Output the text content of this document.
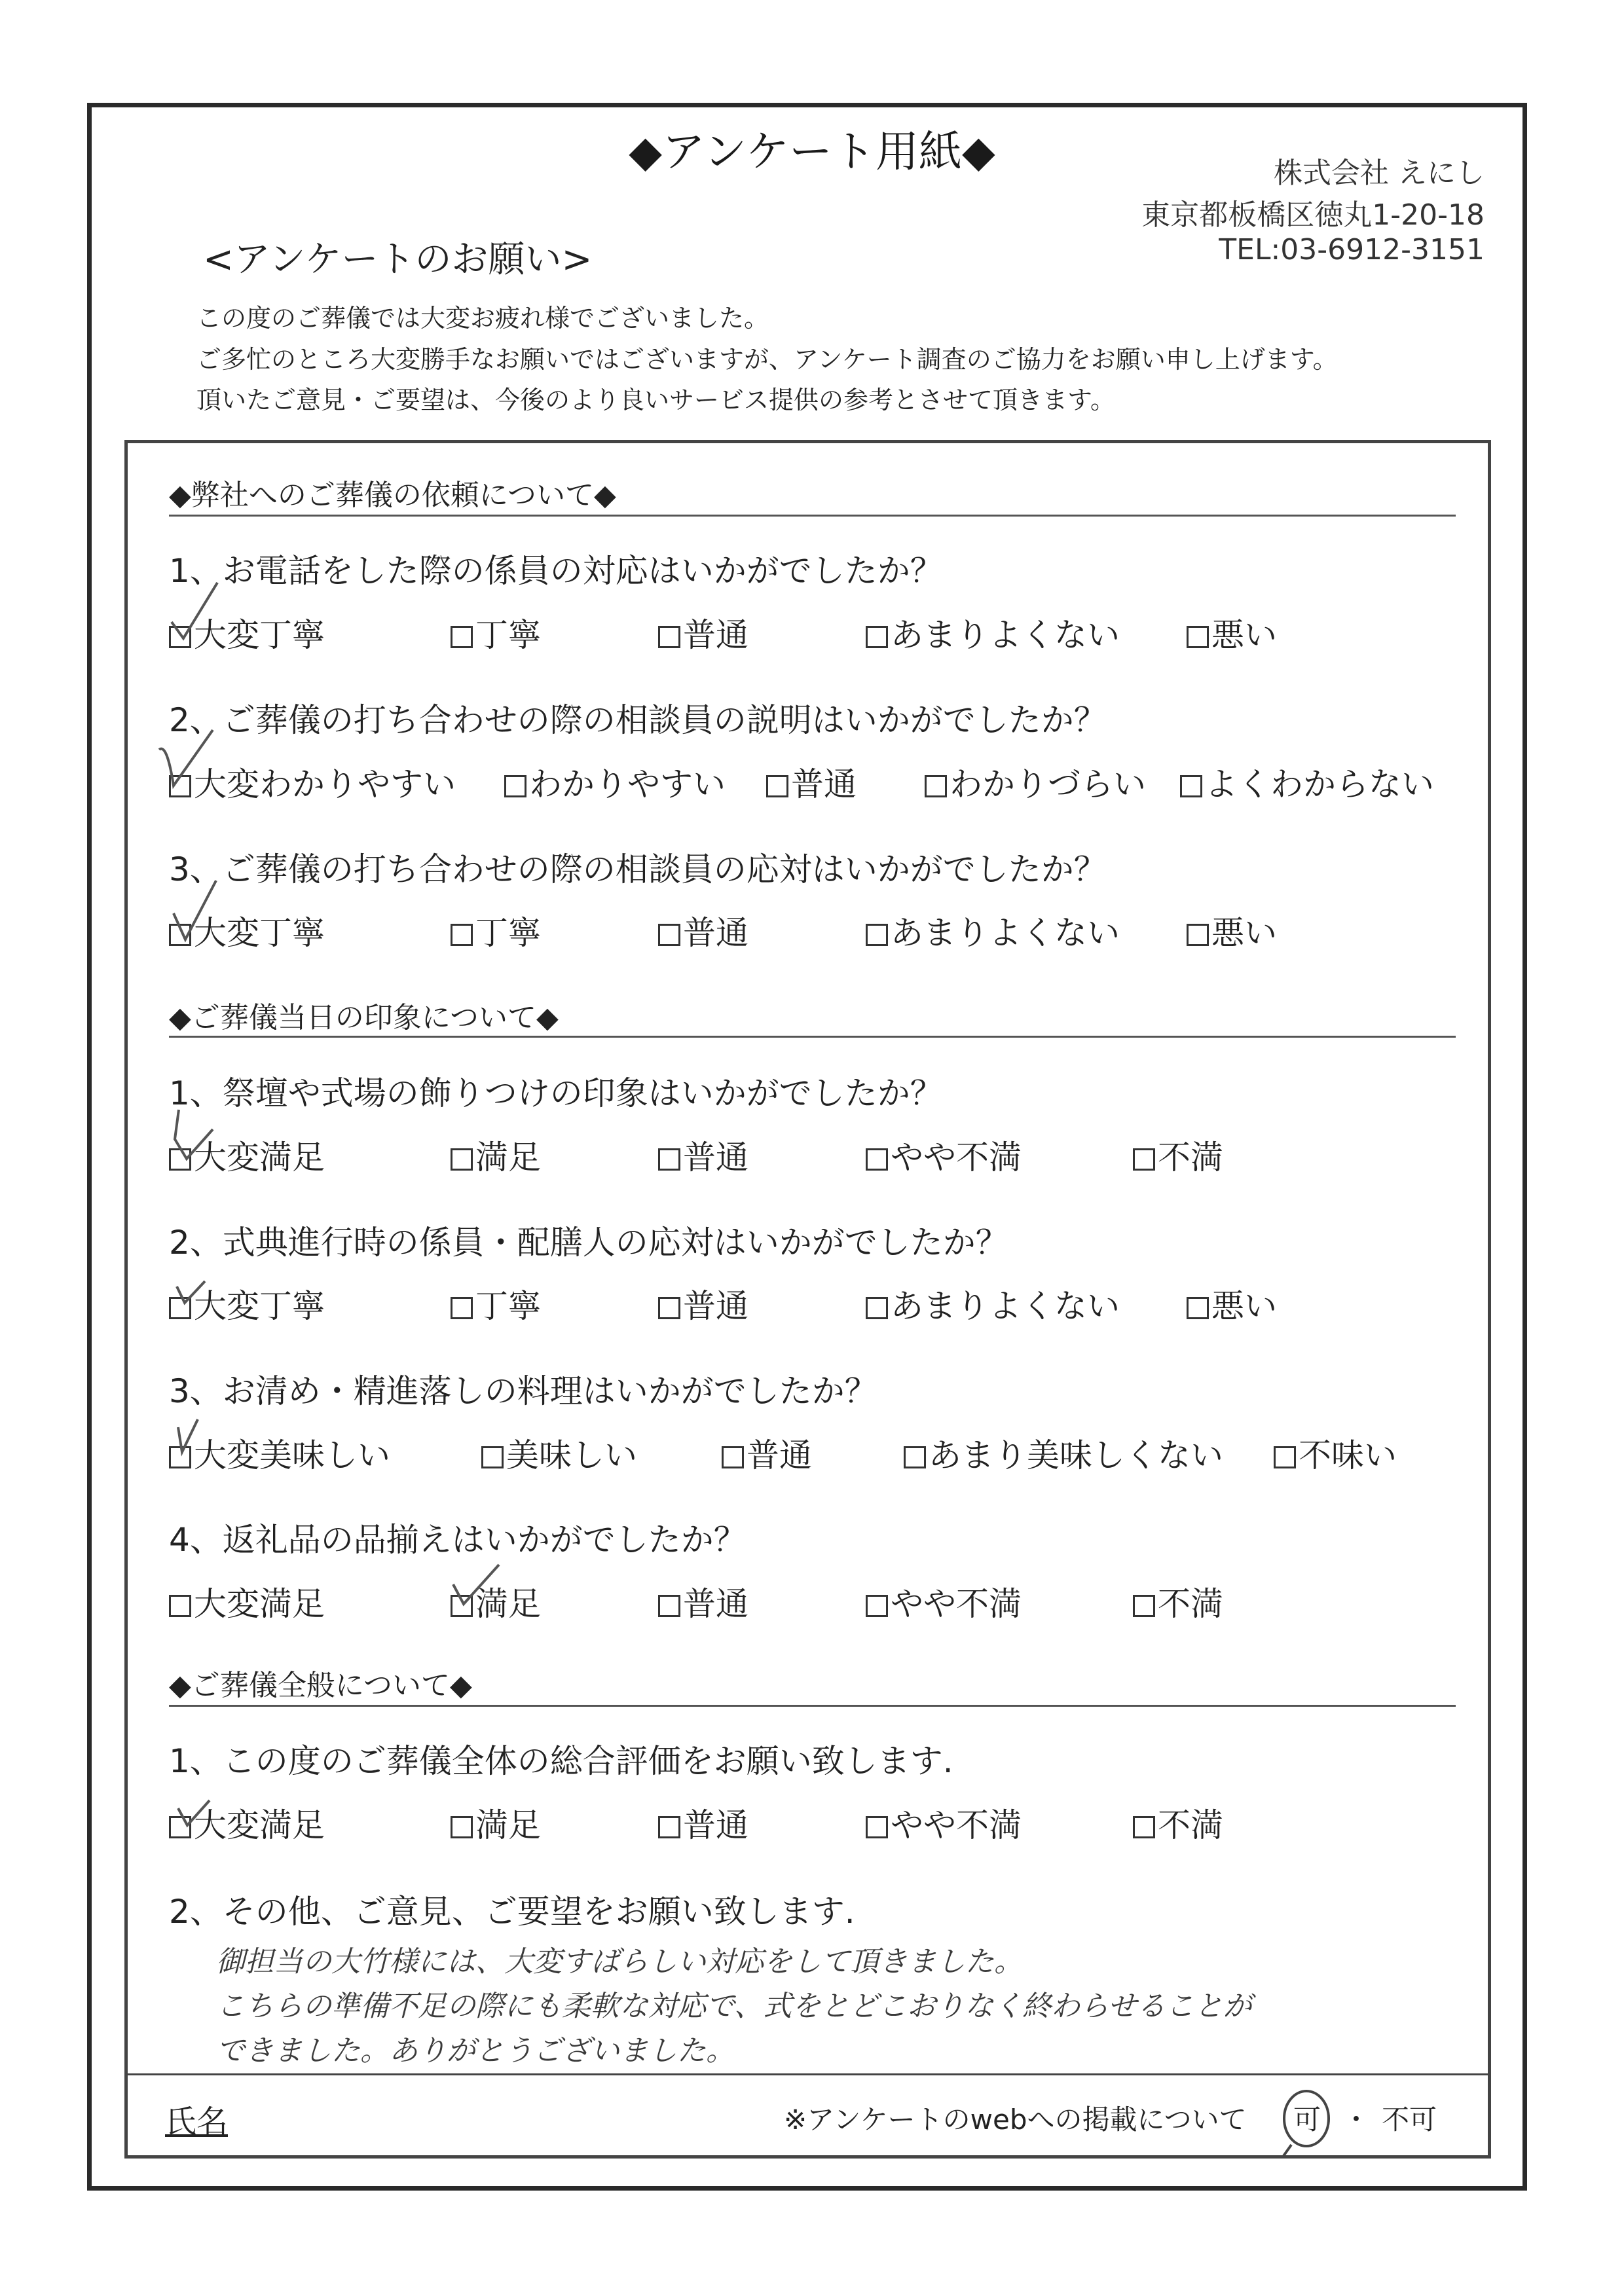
◆アンケート用紙◆	株式会社 えにし
東京都板橋区徳丸1-20-18
TEL:03-6912-3151
<アンケートのお願い>
この度のご葬儀では大変お疲れ様でございました。
ご多忙のところ大変勝手なお願いではございますが、アンケート調査のご協力をお願い申し上げます。
頂いたご意見・ご要望は、今後のより良いサービス提供の参考とさせて頂きます。
◆弊社へのご葬儀の依頼について◆
1、お電話をした際の係員の対応はいかがでしたか？
大変丁寧	丁寧	普通	あまりよくない	悪い
2、ご葬儀の打ち合わせの際の相談員の説明はいかがでしたか？
大変わかりやすい	わかりやすい	普通	わかりづらい	よくわからない
3、ご葬儀の打ち合わせの際の相談員の応対はいかがでしたか？
大変丁寧	丁寧	普通	あまりよくない	悪い
◆ご葬儀当日の印象について◆
1、祭壇や式場の飾りつけの印象はいかがでしたか？
大変満足	満足	普通	やや不満	不満
2、式典進行時の係員・配膳人の応対はいかがでしたか？
大変丁寧	丁寧	普通	あまりよくない	悪い
3、お清め・精進落しの料理はいかがでしたか？
大変美味しい	美味しい	普通	あまり美味しくない	不味い
4、返礼品の品揃えはいかがでしたか？
大変満足	満足	普通	やや不満	不満
◆ご葬儀全般について◆
1、この度のご葬儀全体の総合評価をお願い致します.
大変満足	満足	普通	やや不満	不満
2、その他、ご意見、ご要望をお願い致します.
御担当の大竹様には、大変すばらしい対応をして頂きました。
こちらの準備不足の際にも柔軟な対応で、式をとどこおりなく終わらせることが
できました。ありがとうございました。
氏名	※アンケートのwebへの掲載について 可 ・ 不可
